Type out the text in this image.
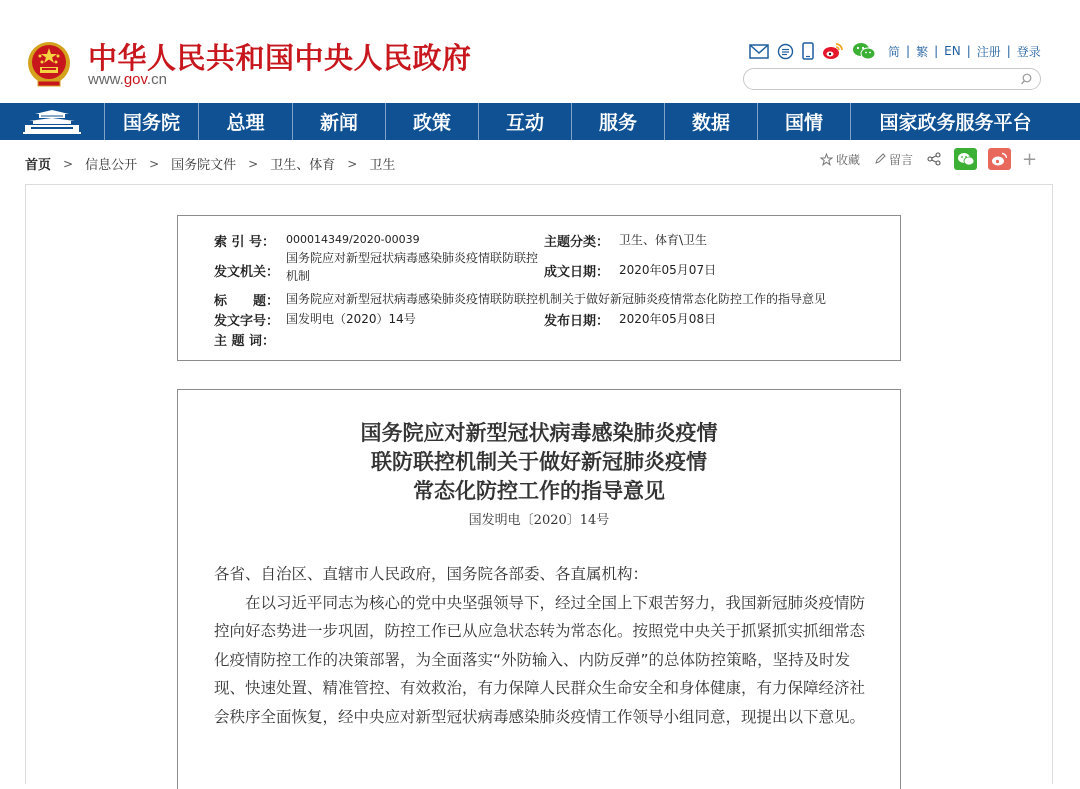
中华人民共和国中央人民政府
www.gov.cn
简 | 繁 | EN | 注册 | 登录
国务院	总理	新闻	政策	互动	服务	数据	国情	国家政务服务平台
首页 > 信息公开 > 国务院文件 > 卫生、体育 > 卫生	收藏 留言	+
索 引 号： 000014349/2020-00039	主题分类： 卫生、体育\卫生
发文机关：
国务院应对新型冠状病毒感染肺炎疫情联防联控
机制	成文日期： 2020年05月07日
标　　题： 国务院应对新型冠状病毒感染肺炎疫情联防联控机制关于做好新冠肺炎疫情常态化防控工作的指导意见
发文字号： 国发明电（2020）14号	发布日期： 2020年05月08日
主 题 词：
国务院应对新型冠状病毒感染肺炎疫情
联防联控机制关于做好新冠肺炎疫情
常态化防控工作的指导意见
国发明电〔2020〕14号

各省、自治区、直辖市人民政府，国务院各部委、各直属机构：

在以习近平同志为核心的党中央坚强领导下，经过全国上下艰苦努力，我国新冠肺炎疫情防控向好态势进一步巩固，防控工作已从应急状态转为常态化。按照党中央关于抓紧抓实抓细常态化疫情防控工作的决策部署，为全面落实“外防输入、内防反弹”的总体防控策略，坚持及时发现、快速处置、精准管控、有效救治，有力保障人民群众生命安全和身体健康，有力保障经济社会秩序全面恢复，经中央应对新型冠状病毒感染肺炎疫情工作领导小组同意，现提出以下意见。
